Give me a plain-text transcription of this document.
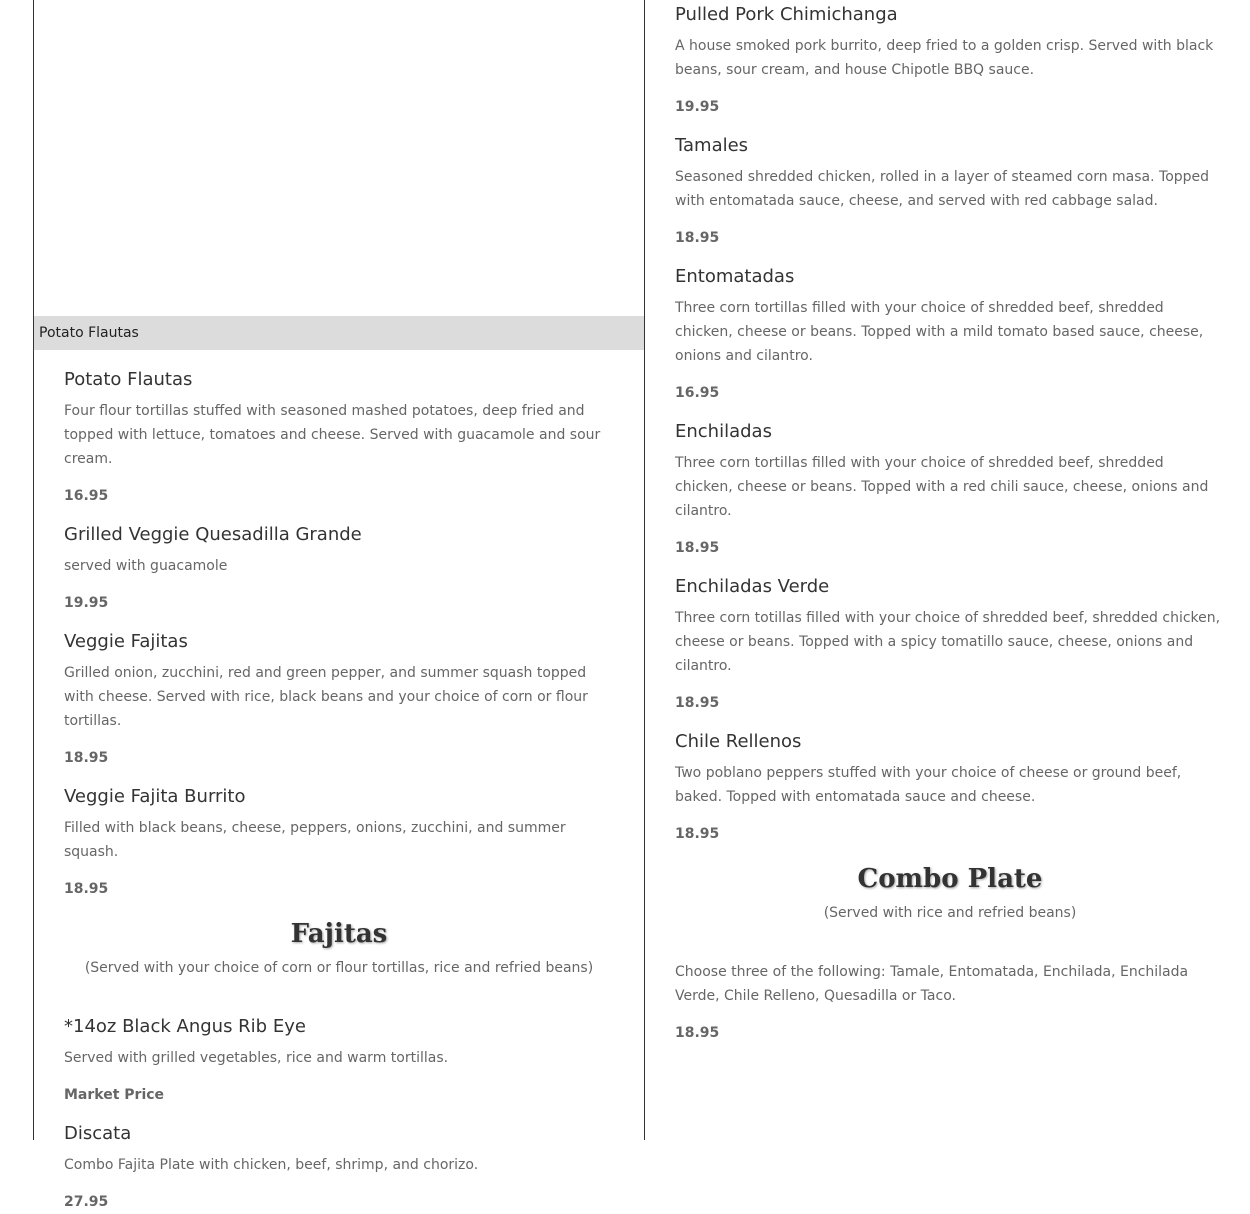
Potato Flautas
Potato Flautas

Four flour tortillas stuffed with seasoned mashed potatoes, deep fried and topped with lettuce, tomatoes and cheese. Served with guacamole and sour cream.

16.95

Grilled Veggie Quesadilla Grande

served with guacamole

19.95

Veggie Fajitas

Grilled onion, zucchini, red and green pepper, and summer squash topped with cheese. Served with rice, black beans and your choice of corn or flour tortillas.

18.95

Veggie Fajita Burrito

Filled with black beans, cheese, peppers, onions, zucchini, and summer squash.

18.95

Fajitas

(Served with your choice of corn or flour tortillas, rice and refried beans)

*14oz Black Angus Rib Eye

Served with grilled vegetables, rice and warm tortillas.

Market Price

Discata

Combo Fajita Plate with chicken, beef, shrimp, and chorizo.

27.95

Pulled Pork Chimichanga

A house smoked pork burrito, deep fried to a golden crisp. Served with black beans, sour cream, and house Chipotle BBQ sauce.

19.95

Tamales

Seasoned shredded chicken, rolled in a layer of steamed corn masa. Topped with entomatada sauce, cheese, and served with red cabbage salad.

18.95

Entomatadas

Three corn tortillas filled with your choice of shredded beef, shredded chicken, cheese or beans. Topped with a mild tomato based sauce, cheese, onions and cilantro.

16.95

Enchiladas

Three corn tortillas filled with your choice of shredded beef, shredded chicken, cheese or beans. Topped with a red chili sauce, cheese, onions and cilantro.

18.95

Enchiladas Verde

Three corn totillas filled with your choice of shredded beef, shredded chicken, cheese or beans. Topped with a spicy tomatillo sauce, cheese, onions and cilantro.

18.95

Chile Rellenos

Two poblano peppers stuffed with your choice of cheese or ground beef, baked. Topped with entomatada sauce and cheese.

18.95

Combo Plate

(Served with rice and refried beans)

Choose three of the following: Tamale, Entomatada, Enchilada, Enchilada Verde, Chile Relleno, Quesadilla or Taco.

18.95
